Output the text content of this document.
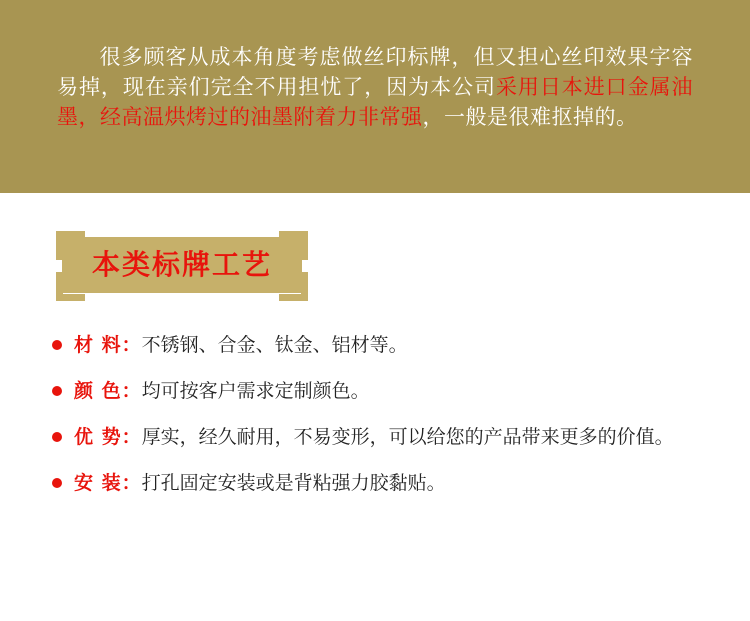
很多顾客从成本角度考虑做丝印标牌，但又担心丝印效果字容易掉，现在亲们完全不用担忧了，因为本公司采用日本进口金属油墨，经高温烘烤过的油墨附着力非常强，一般是很难抠掉的。
本类标牌工艺
材 料：不锈钢、合金、钛金、铝材等。
颜 色：均可按客户需求定制颜色。
优 势：厚实，经久耐用，不易变形，可以给您的产品带来更多的价值。
安 装：打孔固定安装或是背粘强力胶黏贴。
